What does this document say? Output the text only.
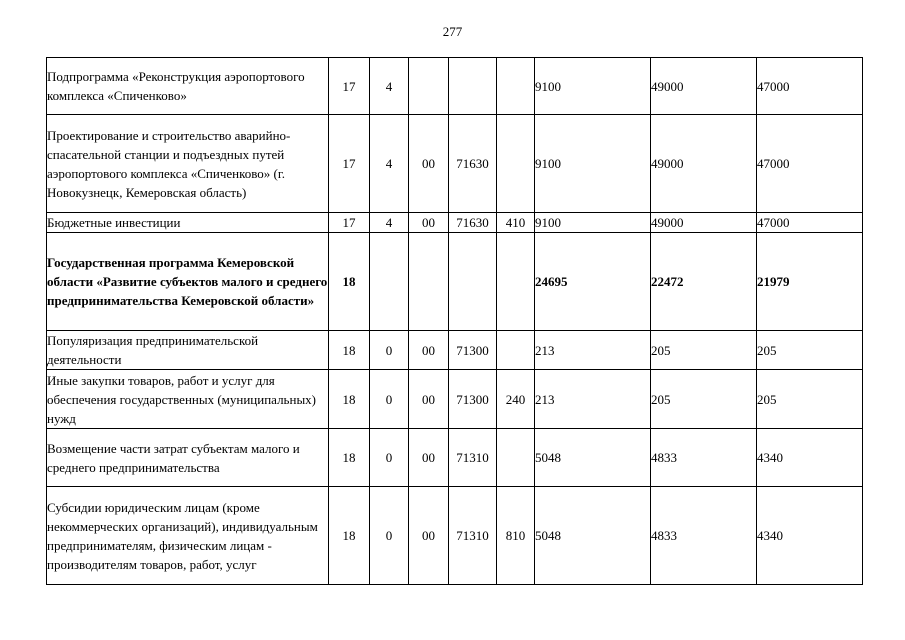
277
Подпрограмма «Реконструкция аэропортового комплекса «Спиченково»	17	4				9100	49000	47000
Проектирование и строительство аварийно-спасательной станции и подъездных путей аэропортового комплекса «Спиченково» (г. Новокузнецк, Кемеровская область)	17	4	00	71630		9100	49000	47000
Бюджетные инвестиции	17	4	00	71630	410	9100	49000	47000
Государственная программа Кемеровской области «Развитие субъектов малого и среднего предпринимательства Кемеровской области»	18					24695	22472	21979
Популяризация предпринимательской деятельности	18	0	00	71300		213	205	205
Иные закупки товаров, работ и услуг для обеспечения государственных (муниципальных) нужд	18	0	00	71300	240	213	205	205
Возмещение части затрат субъектам малого и среднего предпринимательства	18	0	00	71310		5048	4833	4340
Субсидии юридическим лицам (кроме некоммерческих организаций), индивидуальным предпринимателям, физическим лицам - производителям товаров, работ, услуг	18	0	00	71310	810	5048	4833	4340
